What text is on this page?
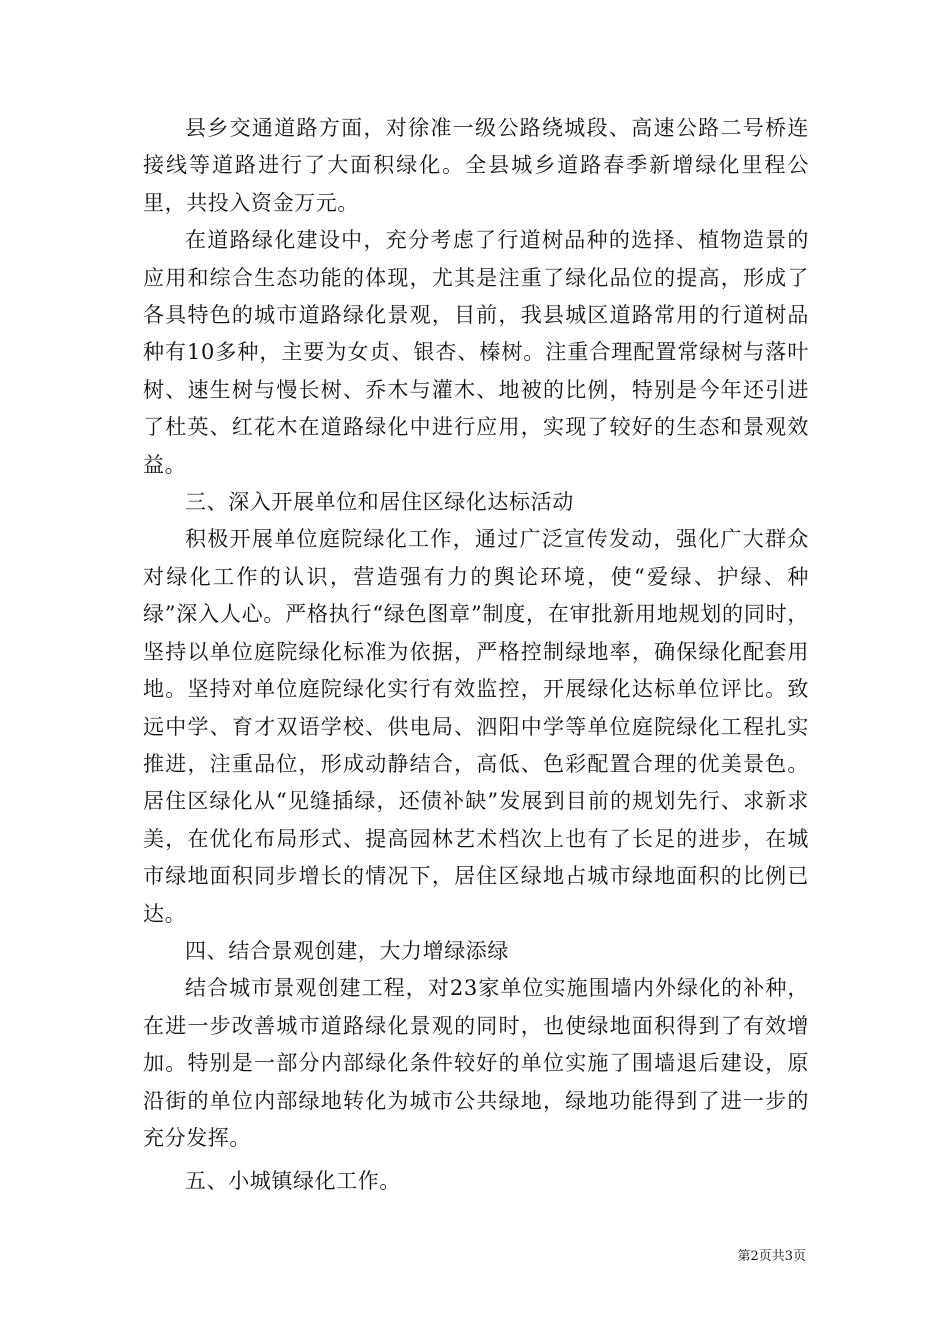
县乡交通道路方面，对徐准一级公路绕城段、高速公路二号桥连接线等道路进行了大面积绿化。全县城乡道路春季新增绿化里程公里，共投入资金万元。

在道路绿化建设中，充分考虑了行道树品种的选择、植物造景的应用和综合生态功能的体现，尤其是注重了绿化品位的提高，形成了各具特色的城市道路绿化景观，目前，我县城区道路常用的行道树品种有10多种，主要为女贞、银杏、榛树。注重合理配置常绿树与落叶树、速生树与慢长树、乔木与灌木、地被的比例，特别是今年还引进了杜英、红花木在道路绿化中进行应用，实现了较好的生态和景观效益。

三、深入开展单位和居住区绿化达标活动

积极开展单位庭院绿化工作，通过广泛宣传发动，强化广大群众对绿化工作的认识，营造强有力的舆论环境，使“爱绿、护绿、种绿”深入人心。严格执行“绿色图章”制度，在审批新用地规划的同时，坚持以单位庭院绿化标准为依据，严格控制绿地率，确保绿化配套用地。坚持对单位庭院绿化实行有效监控，开展绿化达标单位评比。致远中学、育才双语学校、供电局、泗阳中学等单位庭院绿化工程扎实推进，注重品位，形成动静结合，高低、色彩配置合理的优美景色。居住区绿化从“见缝插绿，还债补缺”发展到目前的规划先行、求新求美，在优化布局形式、提高园林艺术档次上也有了长足的进步，在城市绿地面积同步增长的情况下，居住区绿地占城市绿地面积的比例已达。

四、结合景观创建，大力增绿添绿

结合城市景观创建工程，对23家单位实施围墙内外绿化的补种，在进一步改善城市道路绿化景观的同时，也使绿地面积得到了有效增加。特别是一部分内部绿化条件较好的单位实施了围墙退后建设，原沿街的单位内部绿地转化为城市公共绿地，绿地功能得到了进一步的充分发挥。

五、小城镇绿化工作。

第2页共3页
